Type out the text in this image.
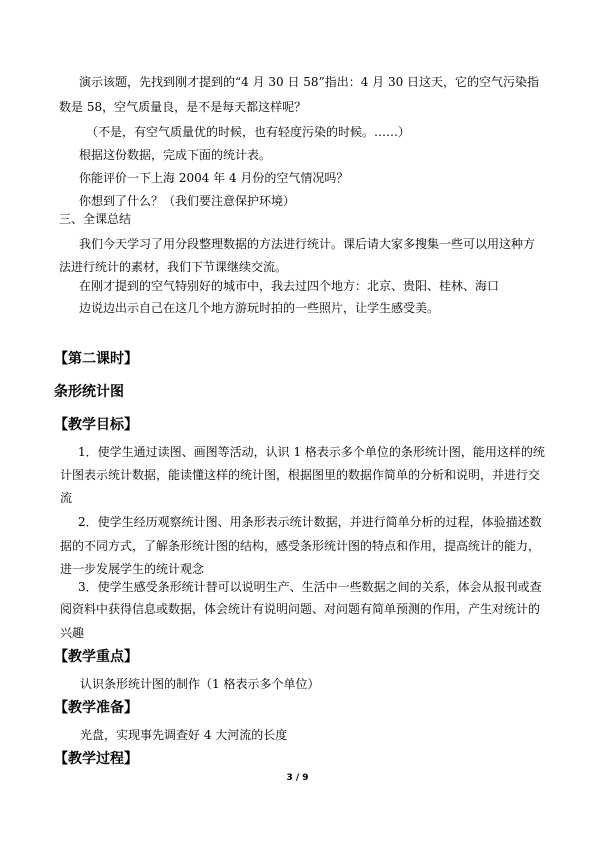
演示该题，先找到刚才提到的“4 月 30 日 58”指出：4 月 30 日这天，它的空气污染指
数是 58，空气质量良，是不是每天都这样呢？
（不是，有空气质量优的时候，也有轻度污染的时候。……）
根据这份数据，完成下面的统计表。
你能评价一下上海 2004 年 4 月份的空气情况吗？
你想到了什么？（我们要注意保护环境）
三、全课总结
我们今天学习了用分段整理数据的方法进行统计。课后请大家多搜集一些可以用这种方
法进行统计的素材，我们下节课继续交流。
在刚才提到的空气特别好的城市中，我去过四个地方：北京、贵阳、桂林、海口
边说边出示自己在这几个地方游玩时拍的一些照片，让学生感受美。
【第二课时】
条形统计图
【教学目标】
1．使学生通过读图、画图等活动，认识 1 格表示多个单位的条形统计图，能用这样的统
计图表示统计数据，能读懂这样的统计图，根据图里的数据作简单的分析和说明，并进行交
流
2．使学生经历观察统计图、用条形表示统计数据，并进行简单分析的过程，体验描述数
据的不同方式，了解条形统计图的结构，感受条形统计图的特点和作用，提高统计的能力，
进一步发展学生的统计观念
3．使学生感受条形统计替可以说明生产、生活中一些数据之间的关系，体会从报刊或查
阅资料中获得信息或数据，体会统计有说明问题、对问题有简单预测的作用，产生对统计的
兴趣
【教学重点】
认识条形统计图的制作（1 格表示多个单位）
【教学准备】
光盘，实现事先调查好 4 大河流的长度
【教学过程】
3 / 9
